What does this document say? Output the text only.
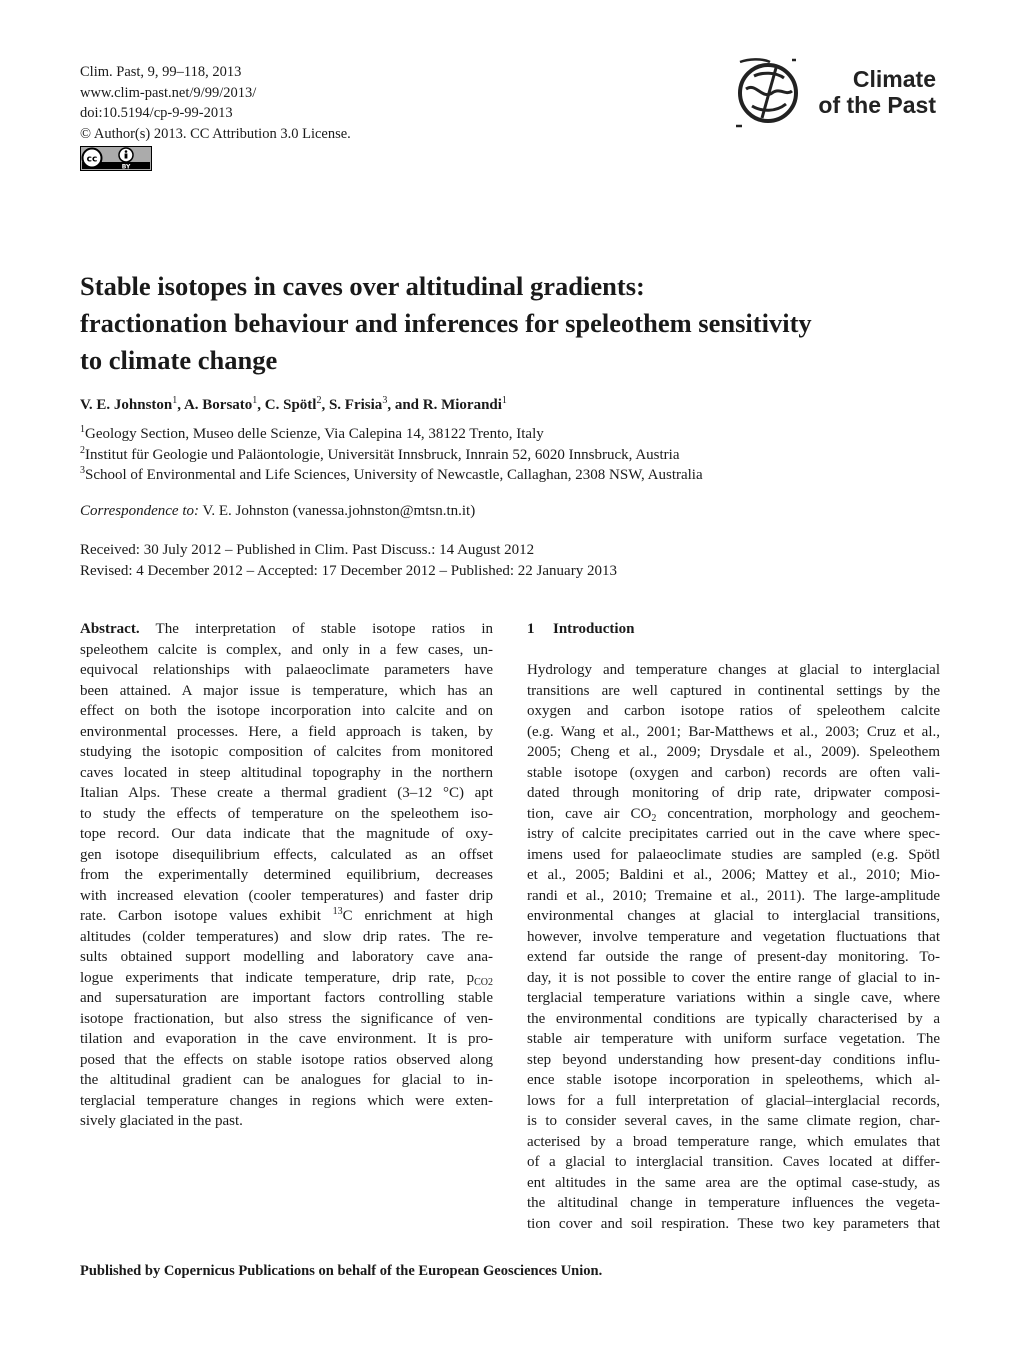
Clim. Past, 9, 99–118, 2013
www.clim-past.net/9/99/2013/
doi:10.5194/cp-9-99-2013
© Author(s) 2013. CC Attribution 3.0 License.
cc
BY
Climate
of the Past
Stable isotopes in caves over altitudinal gradients:
fractionation behaviour and inferences for speleothem sensitivity
to climate change
V. E. Johnston$^1$, A. Borsato$^1$, C. Spötl$^2$, S. Frisia$^3$, and R. Miorandi$^1$
$^1$Geology Section, Museo delle Scienze, Via Calepina 14, 38122 Trento, Italy
$^2$Institut für Geologie und Paläontologie, Universität Innsbruck, Innrain 52, 6020 Innsbruck, Austria
$^3$School of Environmental and Life Sciences, University of Newcastle, Callaghan, 2308 NSW, Australia
Correspondence to: V. E. Johnston (vanessa.johnston@mtsn.tn.it)
Received: 30 July 2012 – Published in Clim. Past Discuss.: 14 August 2012
Revised: 4 December 2012 – Accepted: 17 December 2012 – Published: 22 January 2013
Abstract. The interpretation of stable isotope ratios in
speleothem calcite is complex, and only in a few cases, un-
equivocal relationships with palaeoclimate parameters have
been attained. A major issue is temperature, which has an
effect on both the isotope incorporation into calcite and on
environmental processes. Here, a field approach is taken, by
studying the isotopic composition of calcites from monitored
caves located in steep altitudinal topography in the northern
Italian Alps. These create a thermal gradient (3–12 °C) apt
to study the effects of temperature on the speleothem iso-
tope record. Our data indicate that the magnitude of oxy-
gen isotope disequilibrium effects, calculated as an offset
from the experimentally determined equilibrium, decreases
with increased elevation (cooler temperatures) and faster drip
rate. Carbon isotope values exhibit $^{13}$C enrichment at high
altitudes (colder temperatures) and slow drip rates. The re-
sults obtained support modelling and laboratory cave ana-
logue experiments that indicate temperature, drip rate, $p_{CO2}$
and supersaturation are important factors controlling stable
isotope fractionation, but also stress the significance of ven-
tilation and evaporation in the cave environment. It is pro-
posed that the effects on stable isotope ratios observed along
the altitudinal gradient can be analogues for glacial to in-
terglacial temperature changes in regions which were exten-
sively glaciated in the past.
1 Introduction
Hydrology and temperature changes at glacial to interglacial
transitions are well captured in continental settings by the
oxygen and carbon isotope ratios of speleothem calcite
(e.g. Wang et al., 2001; Bar-Matthews et al., 2003; Cruz et al.,
2005; Cheng et al., 2009; Drysdale et al., 2009). Speleothem
stable isotope (oxygen and carbon) records are often vali-
dated through monitoring of drip rate, dripwater composi-
tion, cave air $CO_2$ concentration, morphology and geochem-
istry of calcite precipitates carried out in the cave where spec-
imens used for palaeoclimate studies are sampled (e.g. Spötl
et al., 2005; Baldini et al., 2006; Mattey et al., 2010; Mio-
randi et al., 2010; Tremaine et al., 2011). The large-amplitude
environmental changes at glacial to interglacial transitions,
however, involve temperature and vegetation fluctuations that
extend far outside the range of present-day monitoring. To-
day, it is not possible to cover the entire range of glacial to in-
terglacial temperature variations within a single cave, where
the environmental conditions are typically characterised by a
stable air temperature with uniform surface vegetation. The
step beyond understanding how present-day conditions influ-
ence stable isotope incorporation in speleothems, which al-
lows for a full interpretation of glacial–interglacial records,
is to consider several caves, in the same climate region, char-
acterised by a broad temperature range, which emulates that
of a glacial to interglacial transition. Caves located at differ-
ent altitudes in the same area are the optimal case-study, as
the altitudinal change in temperature influences the vegeta-
tion cover and soil respiration. These two key parameters that
Published by Copernicus Publications on behalf of the European Geosciences Union.
